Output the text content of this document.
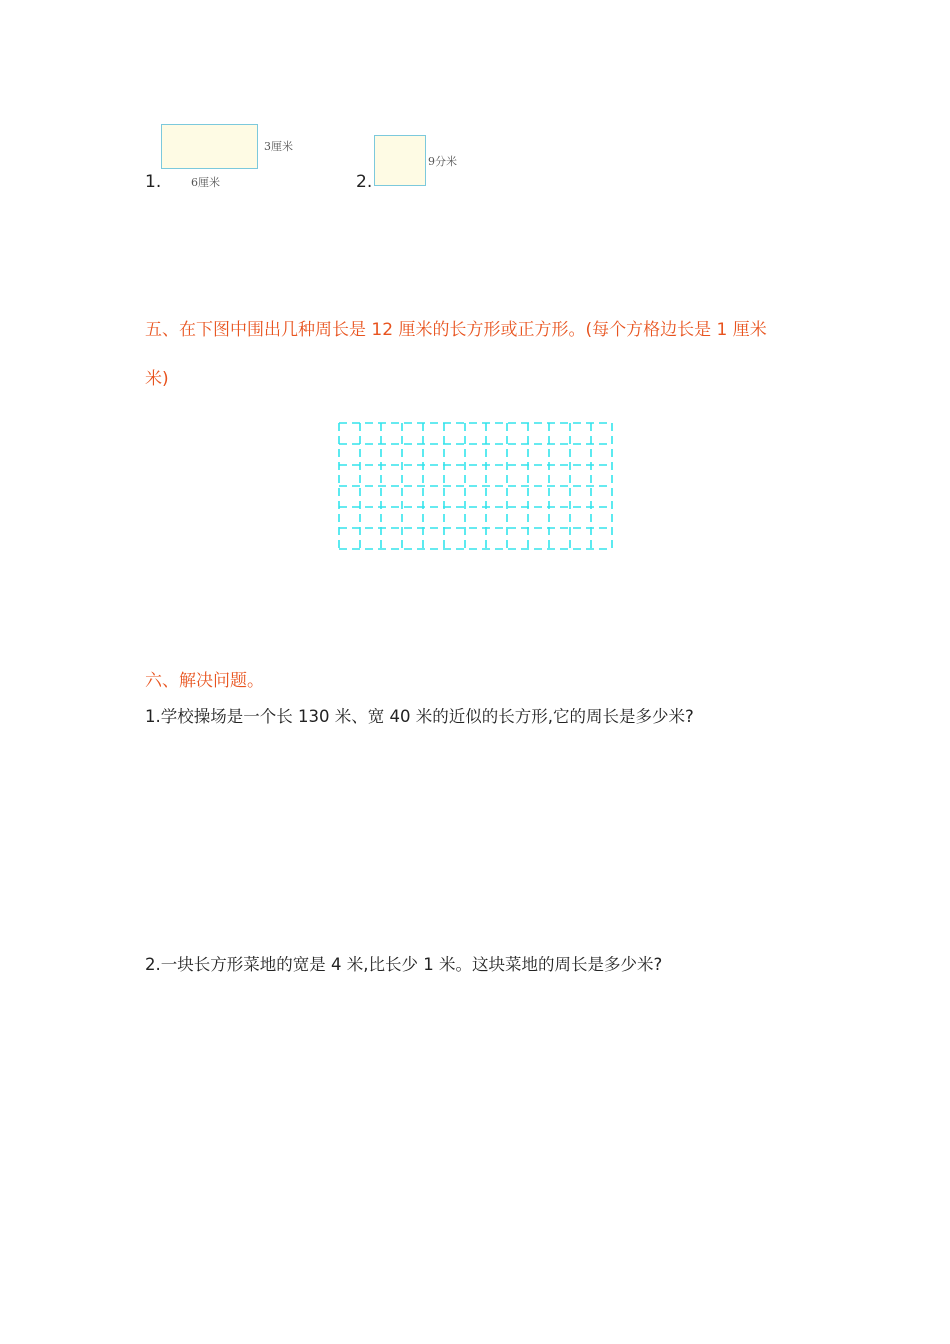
1.
3厘米
6厘米	2.
9分米
五、在下图中围出几种周长是 12 厘米的长方形或正方形。(每个方格边长是 1 厘米
米)
六、解决问题。
1.学校操场是一个长 130 米、宽 40 米的近似的长方形,它的周长是多少米?
2.一块长方形菜地的宽是 4 米,比长少 1 米。这块菜地的周长是多少米?
